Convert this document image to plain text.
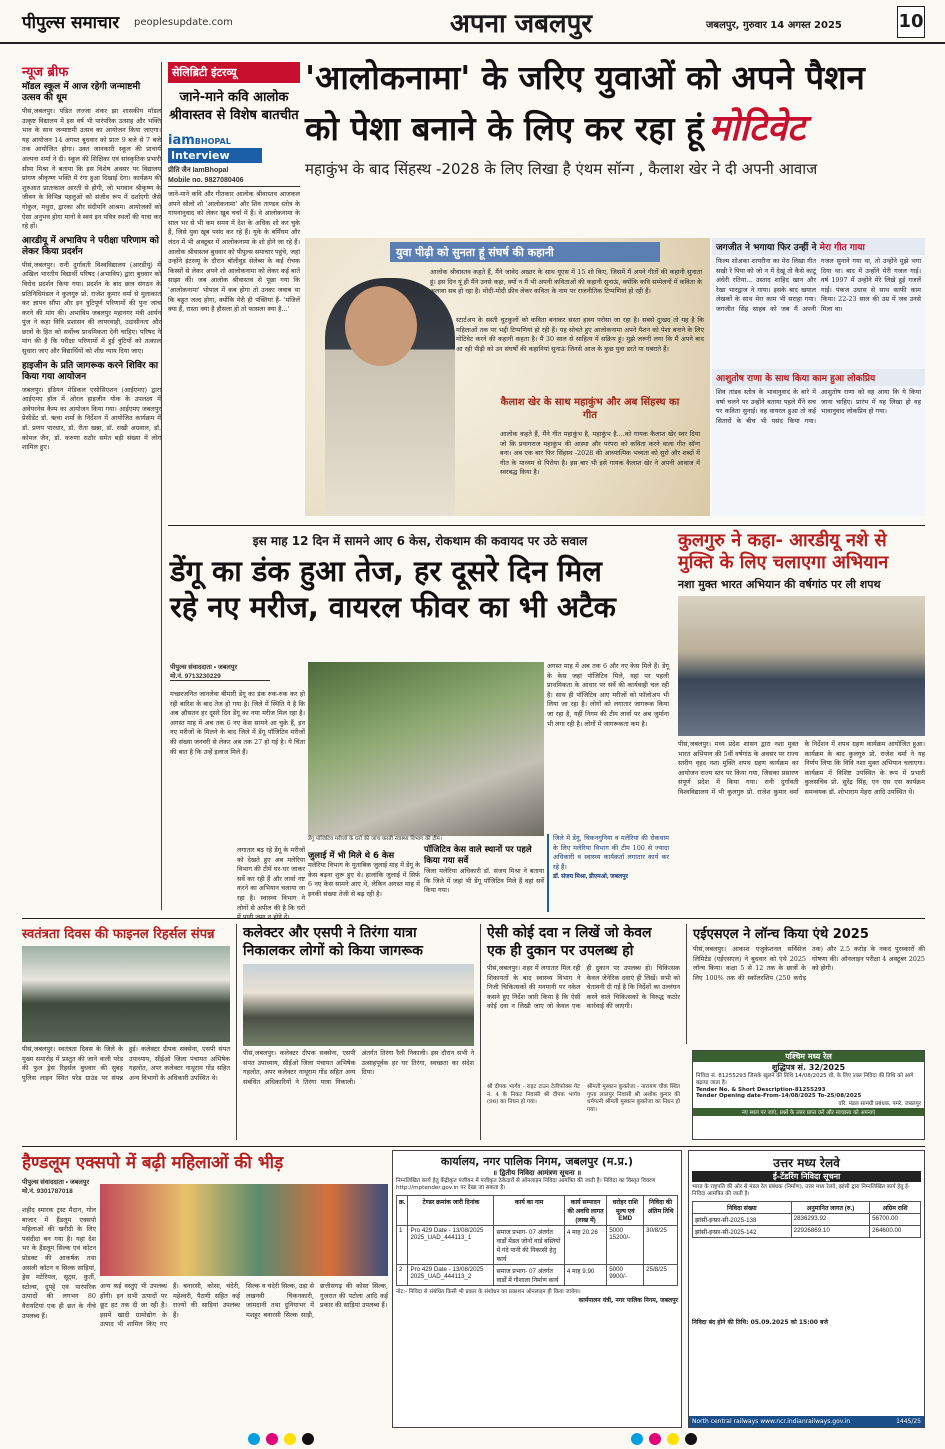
पीपुल्स समाचार peoplesupdate.com	अपना जबलपुर	जबलपुर, गुरुवार 14 अगस्त 2025	10
न्यूज ब्रीफ
मॉडल स्कूल में आज रहेगी जन्माष्टमी उत्सव की धूम
पीसं,जबलपुर। पंडित लज्जा शंकर झा शासकीय मॉडल उत्कृष्ट विद्यालय में इस वर्ष भी पारंपरिक उत्साह और भक्ति भाव के साथ जन्माष्टमी उत्सव का आयोजन किया जाएगा। यह आयोजन 14 अगस्त बुधवार को प्रातः 9 बजे से 7 बजे तक आयोजित होगा। उक्त जानकारी स्कूल की प्राचार्य अल्पना शर्मा ने दी। स्कूल की शिक्षिका एवं सांस्कृतिक प्रभारी सीमा मिश्रा ने बताया कि इस विशेष अवसर पर विद्यालय प्रांगण श्रीकृष्ण भक्ति में रंगा हुआ दिखाई देगा। कार्यक्रम की शुरुआत प्रातःकाल आरती से होगी, जो भगवान श्रीकृष्ण के जीवन के विभिन्न पहलुओं को संजीव रूप में दर्शाएंगी जैसे गोकुल, मथुरा, द्वारका और संदीपनि आश्रम। आयोजकों को ऐसा अनुभव होगा मानो वे स्वयं इन पवित्र स्थलों की यात्रा कर रहे हों।
आरडीयू में अभाविप ने परीक्षा परिणाम को लेकर किया प्रदर्शन
पीसं,जबलपुर। रानी दुर्गावती विश्वविद्यालय (आरडीयू) में अखिल भारतीय विद्यार्थी परिषद (अभाविप) द्वारा बुधवार को विरोध प्रदर्शन किया गया। प्रदर्शन के बाद छात्र संगठन के प्रतिनिधिमंडल ने कुलगुरु प्रो. राजेश कुमार वर्मा से मुलाकात कर ज्ञापन सौंपा और इन त्रुटिपूर्ण परिणामों की पुनः जांच करने की मांग की। अभाविप जबलपुर महानगर मंत्री आर्यन पुंज ने कहा विवि प्रशासन की लापरवाही, उदासीनता और छात्रों के हित को सर्वोच्च प्राथमिकता देनी चाहिए। परिषद ने मांग की है कि परीक्षा परिणामों में हुई त्रुटियों को तत्काल सुधारा जाए और विद्यार्थियों को शीघ्र न्याय दिया जाए।
हाइजीन के प्रति जागरूक करने शिविर का किया गया आयोजन
जबलपुर। इंडियन मेडिकल एसोसिएशन (आईएमए) द्वारा आईएमए हॉल में ओरल हाइजीन योक के उपलक्ष्य में अवेयरनेस कैम्प का आयोजन किया गया। आईएमए जबलपुर प्रेसीडेंट डॉ. ऋचा शर्मा के निर्देशन में आयोजित कार्यक्रम में डॉ. प्रणय पारधार, डॉ. रीता खन्ना, डॉ. राखी अग्रवाल, डॉ. कोमल जैन, डॉ. करुणा राठौर समेत बड़ी संख्या में लोग शामिल हुए।
सेलिब्रिटी इंटरव्यू
जाने-माने कवि आलोक श्रीवास्तव से विशेष बातचीत
iamBHOPAL
Interview
प्रीति जैन IamBhopal
Mobile no. 9827080406
जाने-माने कवि और गीतकार आलोक श्रीवास्तव आजकल अपने सोलो शो 'आलोकनामा' और शिव ताण्डव स्तोत्र के गायनानुवाद को लेकर खूब चर्चा में हैं। वे आलोकनामा के साल भर से भी कम समय में देश के अधिक शो कर चुके हैं, जिसे युवा खूब पसंद कर रहे हैं। यूके के बर्मिंघम और लंदन में भी अक्टूबर में आलोकनामा के शो होने जा रहे हैं। आलोक श्रीवास्तव बुधवार को पीपुल्स समाचार पहुंचे, जहां उन्होंने इंटरव्यू के दौरान बॉलीवुड सेलेब्स के कई रोचक किस्सों से लेकर अपने शो आलोकनामा को लेकर कई बातें साझा कीं। जब आलोक श्रीवास्तव से पूछा गया कि 'आलोकनामा' भोपाल में कब होगा तो उनका जवाब था कि बहुत जल्द होगा, क्योंकि मेरी ही पंक्तियां हैं- 'मंजिलें क्या हैं, रास्ता क्या है हौसला हो तो फासला क्या है...'
'आलोकनामा' के जरिए युवाओं को अपने पैशन
को पेशा बनाने के लिए कर रहा हूं मोटिवेट
महाकुंभ के बाद सिंहस्थ -2028 के लिए लिखा है एंथम सॉन्ग , कैलाश खेर ने दी अपनी आवाज
युवा पीढ़ी को सुनता हूं संघर्ष की कहानी
आलोक श्रीवास्तव कहते हैं, मैंने जावेद अख्तर के साथ यूएस में 15 शो किए, जिसमें मैं अपने गीतों की कहानी सुनाता हूं। इस दिन यूं ही मैंने उनसे कहा, क्यों न मैं भी अपनी कविताओं की कहानी सुनाऊं, क्योंकि कवि सम्मेलनों में कविता के अलावा सब हो रहा है। मोदी-मोदी फ्रीव लेकर कविता के नाम पर राजनीतिक टिप्पणियां हो रही हैं।
स्टार्टअप के सस्ती चुटकुलों को कविता बनाकर सस्ता हास्य परोसा जा रहा है। सबसे दुःखद तो यह है कि महिलाओं तक पर भद्दी टिप्पणियां हो रही हैं। यह सोचते हुए आलोकनामा अपने पैशन को पेशा बनाने के लिए मोटिवेट करने की कहानी कहता है। मैं 30 साल से साहित्य में सक्रिय हूं। मुझे जरूरी लगा कि मैं अपने बाद आ रही पीढ़ी को उन संघर्षों की कहानियां सुनाऊं जिनसे आज के कुछ युवा डरते या घबराते हैं।
कैलाश खेर के साथ महाकुंभ और अब सिंहस्थ का गीत
आलोक कहते हैं, मैंने गीत महाकुंभ है, महाकुंभ है....को गायक कैलाश खेर स्वर दिया जो कि प्रयागराज महाकुंभ की आस्था और परंपरा को कविता करने वाला गीत सॉन्ग बना। अब एक बार फिर सिंहस्थ -2028 की आध्यात्मिक भव्यता को सुरों और शब्दों में गीत के माध्यम से पिरोया है। इस बार भी इसे गायक कैलाश खेर ने अपनी आवाज में स्वरबद्ध किया है।
जगजीत ने भगाया फिर उन्हीं ने मेरा गीत गाया
फिल्म शोअका शायरीना का मेरा लिखा गीत सखी रे पिया को जो न में देखूं तो कैसे काटूं अंधेरी रतियां... उस्ताद शाहिद खान और रेखा भारद्वाज ने गाया। इसके बाद खयाल लेखकों के साथ मेरा काम भी सराहा गया। जगजीत सिंह साहब को जब मैं अपनी गजल सुनाने गया था, तो उन्होंने मुझे भगा दिया था। बाद में उन्होंने मेरी गजल गाई। वर्ष 1997 में उन्होंने मेरे लिखे हुई गजलें गाईं। पंकज उधास से साथ काफी काम किया। 22-23 साल की उम्र में जब उनसे मिला था।
आशुतोष राणा के साथ किया काम हुआ लोकप्रिय
शिव तांडव स्तोत्र के भावानुवाद के बारे में वर्षा चलने पर उन्होंने बताया पहले मैंने सच पर कविता सुनाई। वह वायरल हुआ तो कई सितारों के बीच भी पसंद किया गया। आशुतोष राणा को वह आया कि ये किया जाना चाहिए। प्रारंभ में यह लिखा हो वह भावानुवाद लोकप्रिय हो गया।
इस माह 12 दिन में सामने आए 6 केस, रोकथाम की कवायद पर उठे सवाल
डेंगू का डंक हुआ तेज, हर दूसरे दिन मिल
रहे नए मरीज, वायरल फीवर का भी अटैक
पीपुल्स संवाददाता • जबलपुर
मो.नं. 9713230229
डेंगू पॉजिटिव मरीजों के घरों की जांच करती स्वास्थ्य विभाग की टीम।
मच्छरजनित जानलेवा बीमारी डेंगू का डंक रुक-रुक कर हो रही बारिश के बाद तेज हो गया है। जिले में स्थिति ये है कि अब औसतन हर दूसरे दिन डेंगू का नया मरीज मिल रहा है। अगस्त माह में अब तक 6 नए केस सामने आ चुके हैं, इन नए मरीजों के मिलने के बाद जिले में डेंगू पॉजिटिव मरीजों की संख्या जनवरी से लेकर अब तक 27 हो गई है। ये चिंता की बात है कि उन्हें इलाज मिले हैं।
लगातार बढ़ रहे डेंगू के मरीजों को देखते हुए अब मलेरिया विभाग की टीमें घर-घर जाकर सर्वे कर रही हैं और लार्वा नष्ट करने का अभियान चलाया जा रहा है। स्वास्थ्य विभाग ने लोगों से अपील की है कि घरों
जुलाई में भी मिले थे 6 केस
मलेरिया विभाग के मुताबिक जुलाई माह में डेंगू के केस बढ़ना शुरू हुए थे। हालांकि जुलाई में सिर्फ 6 नए केस सामने आए थे, लेकिन अगस्त माह में इनकी संख्या तेजी से बढ़ रही है।
पॉजिटिव केस वाले स्थानों पर पहले किया गया सर्वे
जिला मलेरिया अधिकारी डॉ. संजय मिश्रा ने बताया कि जिले में जहां भी डेंगू पॉजिटिव मिले हैं वहां सर्वे किया गया।
अगस्त माह में अब तक 6 और नए केस मिले हैं। डेंगू के केस जहां पॉजिटिव मिले, वहां पर पहली प्राथमिकता के आधार पर सर्वे की कार्यवाही चल रही है। साथ ही पॉजिटिव आए मरीजों को फॉलोअप भी लिया जा रहा है। लोगों को लगातार जागरूक किया जा रहा है, यहीं निगम की टीम लार्वा पर अब जुर्माना भी लगा रही है। लोगों में जागरूकता कम है।
जिले में डेंगू, चिकनगुनिया व मलेरिया की रोकथाम के लिए मलेरिया विभाग की टीम 100 से ज्यादा अधिकारी व स्वास्थ्य कार्यकर्ता लगातार कार्य कर रहे हैं।
डॉ. संजय मिश्रा, डीएमओ, जबलपुर
कुलगुरु ने कहा- आरडीयू नशे से
मुक्ति के लिए चलाएगा अभियान
नशा मुक्त भारत अभियान की वर्षगांठ पर ली शपथ
पीसं,जबलपुर। मध्य प्रदेश शासन द्वारा नशा मुक्त भारत अभियान की 5वीं वर्षगांठ के अवसर पर राज्य स्तरीय वृहद नशा मुक्ति शपथ ग्रहण कार्यक्रम का आयोजन राज्य स्तर पर किया गया, जिसका प्रसारण संपूर्ण प्रदेश में किया गया। रानी दुर्गावती विश्वविद्यालय में भी कुलगुरु प्रो. राजेश कुमार वर्मा के निर्देशन में शपथ ग्रहण कार्यक्रम आयोजित हुआ। कार्यक्रम के बाद कुलगुरु प्रो. राजेश वर्मा ने यह निर्णय लिया कि विवि नशा मुक्त अभियान चलाएगा। कार्यक्रम में विशिष्ट उपस्थित के रूप में प्रभारी कुलसचिव प्रो. सुरेंद्र सिंह, एन एस एस कार्यक्रम समन्वयक डॉ. शोभाराम मेहरा आदि उपस्थित थे।
स्वतंत्रता दिवस की फाइनल रिहर्सल संपन्न
पीसं,जबलपुर। स्वतंत्रता दिवस के जिले के मुख्य समारोह में प्रस्तुत की जाने वाली परेड की फुल ड्रेस रिहर्सल बुधवार की सुबह पुलिस लाइन स्थित परेड ग्राउंड पर संपन्न हुई। कलेक्टर दीपक सक्सेना, एसपी संपत उपाध्याय, सीईओ जिला पंचायत अभिषेक गहलोत, अपर कलेक्टर नाथूराम गोंड सहित अन्य विभागों के अधिकारी उपस्थित थे।
कलेक्टर और एसपी ने तिरंगा यात्रा
निकालकर लोगों को किया जागरूक
पीसं,जबलपुर। कलेक्टर दीपक सक्सेना, एसपी संपत उपाध्याय, सीईओ जिला पंचायत अभिषेक गहलोत, अपर कलेक्टर नाथूराम गोंड सहित अन्य संबंधित अधिकारियों ने तिरंगा यात्रा निकाली। अंतर्गत तिरंगा रैली निकाली। इस दौरान सभी ने उत्साहपूर्वक हर घर तिरंगा, स्वच्छता का संदेश दिया।
ऐसी कोई दवा न लिखें जो केवल
एक ही दुकान पर उपलब्ध हो
पीसं,जबलपुर। शहर में लगातार मिल रही शिकायतों के बाद स्वास्थ्य विभाग ने निजी चिकित्सकों की मनमानी पर नकेल कसने हुए निर्देश जारी किया है कि ऐसी कोई दवा न लिखी जाए जो केवल एक ही दुकान पर उपलब्ध हो। चिकित्सक केवल जेनेरिक दवाएं ही लिखें। सभी को चेतावनी दी गई है कि निर्देशों का उल्लंघन करने वाले चिकित्सकों के विरुद्ध कठोर कार्रवाई की जाएगी।
श्री दीपक भार्गव - राइट टाउन टेलीफाेक्स गेट नं. 4 के निकट निवासी श्री दीपक भार्गव (96) का निधन हो गया।
श्रीमती मुस्कान कुकरेजा - नारायण चौक स्थित गुप्ता लालपुर निवासी श्री अशोक कुमार की धर्मपत्नी श्रीमती मुस्कान कुकरेजा का निधन हो गया।
एईएसएल ने लॉन्च किया एंथे 2025
पीसं,जबलपुर। आकाश एजुकेशनल सर्विसेज लिमिटेड (एईएसएल) ने बुधवार को एंथे 2025 लॉन्च किया। कक्षा 5 से 12 तक के छात्रों के लिए 100% तक की स्कॉलरशिप (250 करोड़ तक) और 2.5 करोड़ के नकद पुरस्कारों की घोषणा की। ऑनलाइन परीक्षा 4 अक्टूबर 2025 को होगी।
पश्चिम मध्य रेल
शुद्धिपत्र सं. 32/2025
निविदा सं. 81255293 जिसके खुलने की तिथि 14/08/2025 थी, के लिए उक्त निविदा की तिथि को आगे बढ़ाया जाता है।
Tender No. & Short Description-81255293
Tender Opening date-From-14/08/2025 To-25/08/2025
वरि. मंडल सामग्री प्रबंधक, पमरे, जबलपुर
नए स्थल पर जाएं, प्रश्नों के उत्तर प्राप्त करें और स्वच्छता को अपनाएं
हैण्डलूम एक्सपो में बढ़ी महिलाओं की भीड़
पीपुल्स संवाददाता • जबलपुर
मो.नं. 9301787018
शहीद स्मारक ट्रस्ट मैदान, गोल बाजार में हैंडलूम एक्सपो महिलाओं की खरीदी के लिए पसंदीदा बन गया है। यहां देश भर के हैंडलूम सिल्क एवं कॉटन प्रोडक्ट की आकर्षक तथा असली कॉटन व सिल्क साड़ियां, ड्रेस मटेरियल, सूट्स, कुर्ती, स्टोल्स, दुपट्टे एवं पारंपरिक उत्पादों की लगभग 80 वैरायटियां एक ही छत के नीचे उपलब्ध हैं।
अन्य कई वस्तुएं भी उपलब्ध होंगी। इन सभी उत्पादों पर छूट हट तक दी जा रही है। इसमें खादी ग्रामोद्योग के उत्पाद भी शामिल किए गए हैं। बनारसी, कोसा, चंदेरी, महेश्वरी, पैठणी सहित कई राज्यों की साड़ियां उपलब्ध हैं।
सिल्क व चंदेरी सिल्क, उड़ा से लखनवी चिकनकारी, जामदानी तथा दुनियाभर में मशहूर बनारसी सिल्क साड़ी, छत्तीसगढ़ की कोसा सिल्क, गुजरात की पटोला आदि कई प्रकार की साड़ियां उपलब्ध हैं।
कार्यालय, नगर पालिक निगम, जबलपुर (म.प्र.)
॥ द्वितीय निविदा आमंत्रण सूचना ॥
निम्नलिखित कार्य हेतु केंद्रीकृत पंजीयन में पंजीकृत ठेकेदारों से ऑनलाइन निविदा आमंत्रित की जाती है। निविदा का विस्तृत विवरण http://mptender.gov.in पर देखा जा सकता है।
क्र.	टेण्डर क्रमांक जारी दिनांक	कार्य का नाम	कार्य सम्पादन की अवधि लागत (लाख में)	धरोहर राशि मूल्य एवं EMD	निविदा की अंतिम तिथि
1	Pro 429 Date - 13/08/2025 2025_UAD_444113_1	समाज प्रभाग- 07 अंतर्गत वार्डों मेंडल जोनों वार्ड बस्तियों में गंदे पानी की निकासी हेतु कार्य	4 माह 20.26	5000 15200/-	30/8/25
2	Pro 429 Date - 13/08/2025 2025_UAD_444113_2	समाज प्रभाग- 07 अंतर्गत वार्डों में गौशाला निर्माण कार्य	4 माह 9.90	5000 9900/-	25/8/25
नोट:- निविदा से संबंधित किसी भी प्रकार के संशोधन का प्रकाशन ऑनलाइन ही किया जायेगा।
कार्यपालन यंत्री, नगर पालिक निगम, जबलपुर
उत्तर मध्य रेलवे
ई-टेंडरिंग निविदा सूचना
भारत के राष्ट्रपति की ओर से मंडल रेल प्रबंधक (निर्माण), उत्तर मध्य रेलवे, झांसी द्वारा निम्नलिखित कार्य हेतु ई-निविदा आमंत्रित की जाती है।
निविदा संख्या	अनुमानित लागत (रु.)	अग्रिम राशि
झांसी-इन्फ्रा-सी-2025-138	2836293.92	56700.00
झांसी-इन्फ्रा-सी-2025-142	22926869.10	264600.00
निविदा बंद होने की तिथि: 05.09.2025 को 15:00 बजे
North central railways www.ncr.indianrailways.gov.in	1445/25
